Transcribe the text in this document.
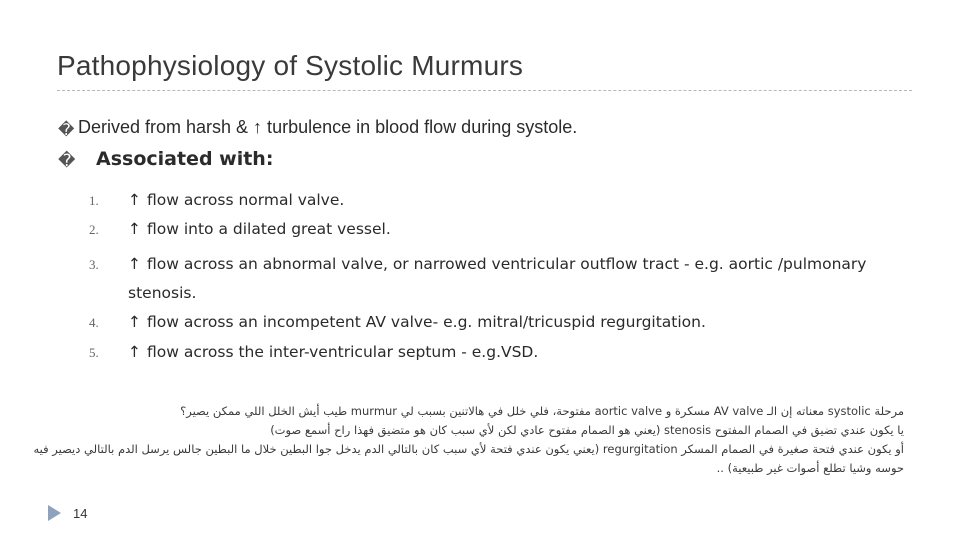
Pathophysiology of Systolic Murmurs
� Derived from harsh & ↑ turbulence in blood flow during systole.
� Associated with:
1.	↑ flow across normal valve.
2.	↑ flow into a dilated great vessel.
3.	↑ flow across an abnormal valve, or narrowed ventricular outflow tract - e.g. aortic /pulmonary
stenosis.
4.	↑ flow across an incompetent AV valve- e.g. mitral/tricuspid regurgitation.
5.	↑ flow across the inter-ventricular septum - e.g.VSD.

مرحلة systolic معناته إن الـ AV valve مسكرة و aortic valve مفتوحة، فلي خلل في هالاتنين بسبب لي murmur طيب أيش الخلل اللي ممكن يصير؟

يا يكون عندي تضيق في الصمام المفتوح stenosis (يعني هو الصمام مفتوح عادي لكن لأي سبب كان هو متضيق فهذا راح أسمع صوت)

أو يكون عندي فتحة صغيرة في الصمام المسكر regurgitation (يعني يكون عندي فتحة لأي سبب كان بالتالي الدم يدخل جوا البطين خلال ما البطين جالس يرسل الدم بالتالي ديصير فيه

حوسه وشيا تطلع أصوات غير طبيعية) ..

14
